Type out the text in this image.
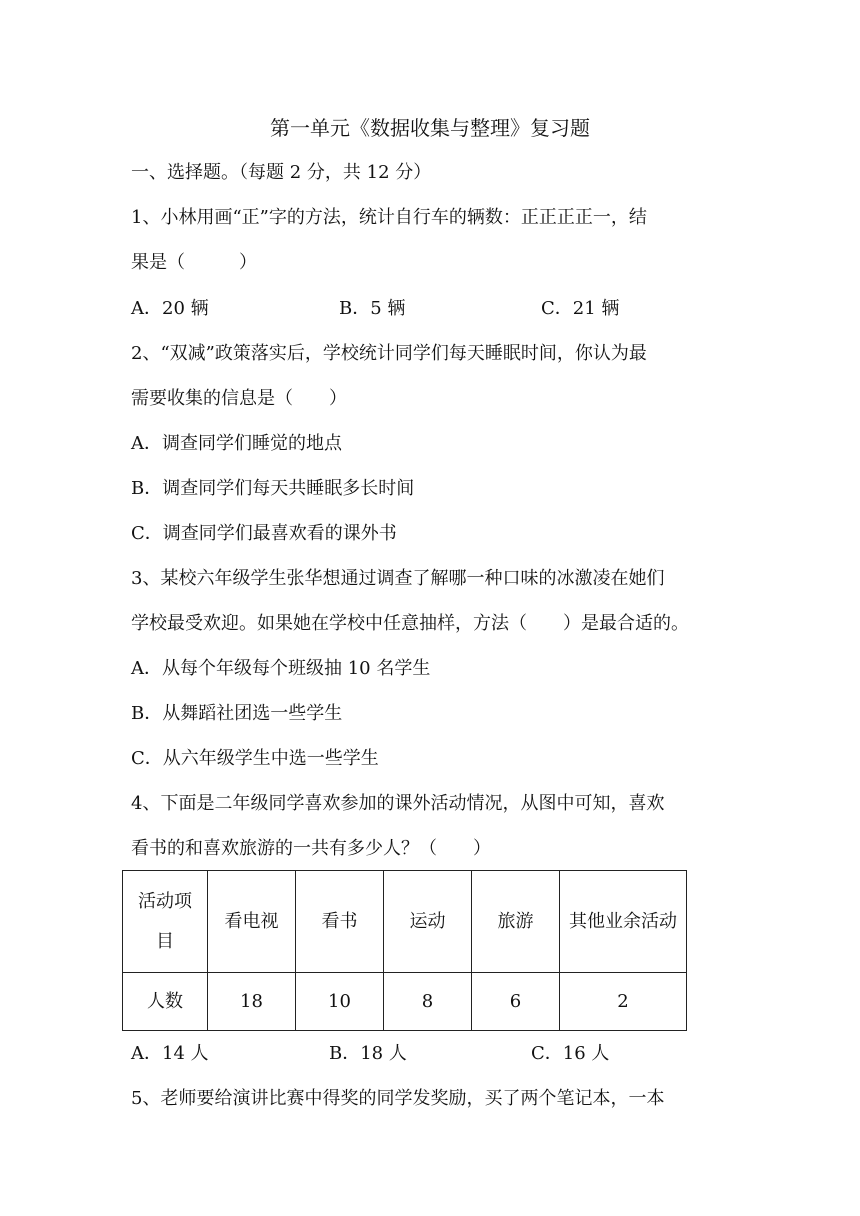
第一单元《数据收集与整理》复习题
一、选择题。（每题 2 分，共 12 分）
1、小林用画“正”字的方法，统计自行车的辆数：正正正正一，结
果是（　　　）
A．20 辆	B．5 辆	C．21 辆
2、“双减”政策落实后，学校统计同学们每天睡眠时间，你认为最
需要收集的信息是（　　）
A．调查同学们睡觉的地点
B．调查同学们每天共睡眠多长时间
C．调查同学们最喜欢看的课外书
3、某校六年级学生张华想通过调查了解哪一种口味的冰激凌在她们
学校最受欢迎。如果她在学校中任意抽样，方法（　　）是最合适的。
A．从每个年级每个班级抽 10 名学生
B．从舞蹈社团选一些学生
C．从六年级学生中选一些学生
4、下面是二年级同学喜欢参加的课外活动情况，从图中可知，喜欢
看书的和喜欢旅游的一共有多少人？（　　）
活动项目	看电视	看书	运动	旅游	其他业余活动

人数	18	10	8	6	2
A．14 人	B．18 人	C．16 人
5、老师要给演讲比赛中得奖的同学发奖励，买了两个笔记本，一本
